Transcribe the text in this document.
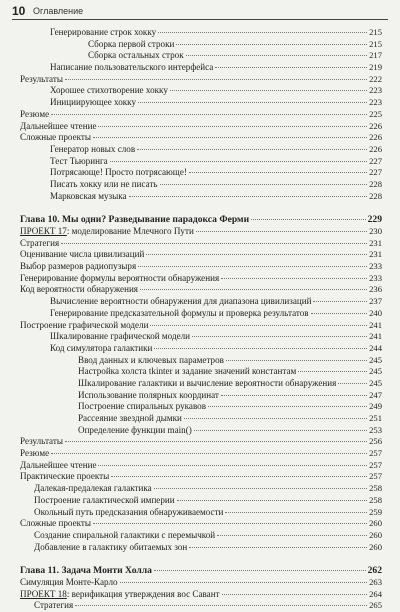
10 Оглавление
Генерирование строк хокку	215
Сборка первой строки	215
Сборка остальных строк	217
Написание пользовательского интерфейса	219
Результаты	222
Хорошее стихотворение хокку	223
Инициирующее хокку	223
Резюме	225
Дальнейшее чтение	226
Сложные проекты	226
Генератор новых слов	226
Тест Тьюринга	227
Потрясающе! Просто потрясающе!	227
Писать хокку или не писать	228
Марковская музыка	228
Глава 10. Мы одни? Разведывание парадокса Ферми	229
ПРОЕКТ 17: моделирование Млечного Пути	230
Стратегия	231
Оценивание числа цивилизаций	231
Выбор размеров радиопузыря	233
Генерирование формулы вероятности обнаружения	233
Код вероятности обнаружения	236
Вычисление вероятности обнаружения для диапазона цивилизаций	237
Генерирование предсказательной формулы и проверка результатов	240
Построение графической модели	241
Шкалирование графической модели	241
Код симулятора галактики	244
Ввод данных и ключевых параметров	245
Настройка холста tkinter и задание значений константам	245
Шкалирование галактики и вычисление вероятности обнаружения	245
Использование полярных координат	247
Построение спиральных рукавов	249
Рассеяние звездной дымки	251
Определение функции main()	253
Результаты	256
Резюме	257
Дальнейшее чтение	257
Практические проекты	257
Далекая-предалекая галактика	258
Построение галактической империи	258
Окольный путь предсказания обнаруживаемости	259
Сложные проекты	260
Создание спиральной галактики с перемычкой	260
Добавление в галактику обитаемых зон	260
Глава 11. Задача Монти Холла	262
Симуляция Монте-Карло	263
ПРОЕКТ 18: верификация утверждения вос Савант	264
Стратегия	265
